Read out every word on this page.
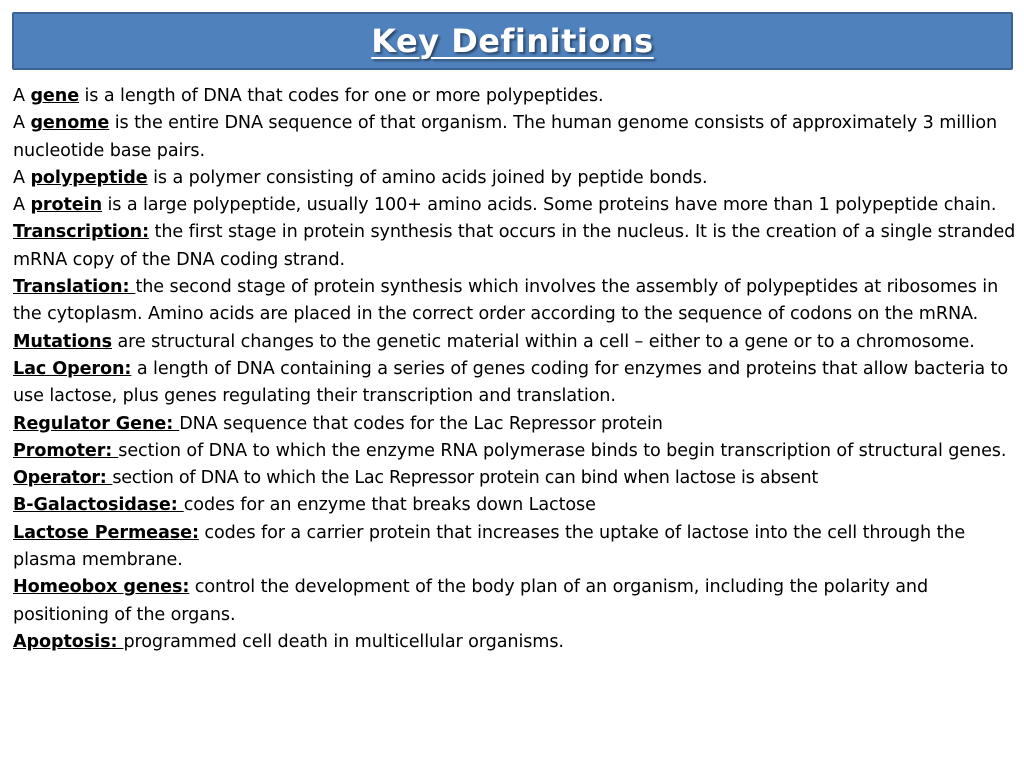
Key Definitions

A gene is a length of DNA that codes for one or more polypeptides.

A genome is the entire DNA sequence of that organism. The human genome consists of approximately 3 million nucleotide base pairs.

A polypeptide is a polymer consisting of amino acids joined by peptide bonds.

A protein is a large polypeptide, usually 100+ amino acids. Some proteins have more than 1 polypeptide chain.

Transcription: the first stage in protein synthesis that occurs in the nucleus. It is the creation of a single stranded mRNA copy of the DNA coding strand.

Translation: the second stage of protein synthesis which involves the assembly of polypeptides at ribosomes in the cytoplasm. Amino acids are placed in the correct order according to the sequence of codons on the mRNA.

Mutations are structural changes to the genetic material within a cell – either to a gene or to a chromosome.

Lac Operon: a length of DNA containing a series of genes coding for enzymes and proteins that allow bacteria to use lactose, plus genes regulating their transcription and translation.

Regulator Gene: DNA sequence that codes for the Lac Repressor protein

Promoter: section of DNA to which the enzyme RNA polymerase binds to begin transcription of structural genes.

Operator: section of DNA to which the Lac Repressor protein can bind when lactose is absent

B-Galactosidase: codes for an enzyme that breaks down Lactose

Lactose Permease: codes for a carrier protein that increases the uptake of lactose into the cell through the plasma membrane.

Homeobox genes: control the development of the body plan of an organism, including the polarity and positioning of the organs.

Apoptosis: programmed cell death in multicellular organisms.
